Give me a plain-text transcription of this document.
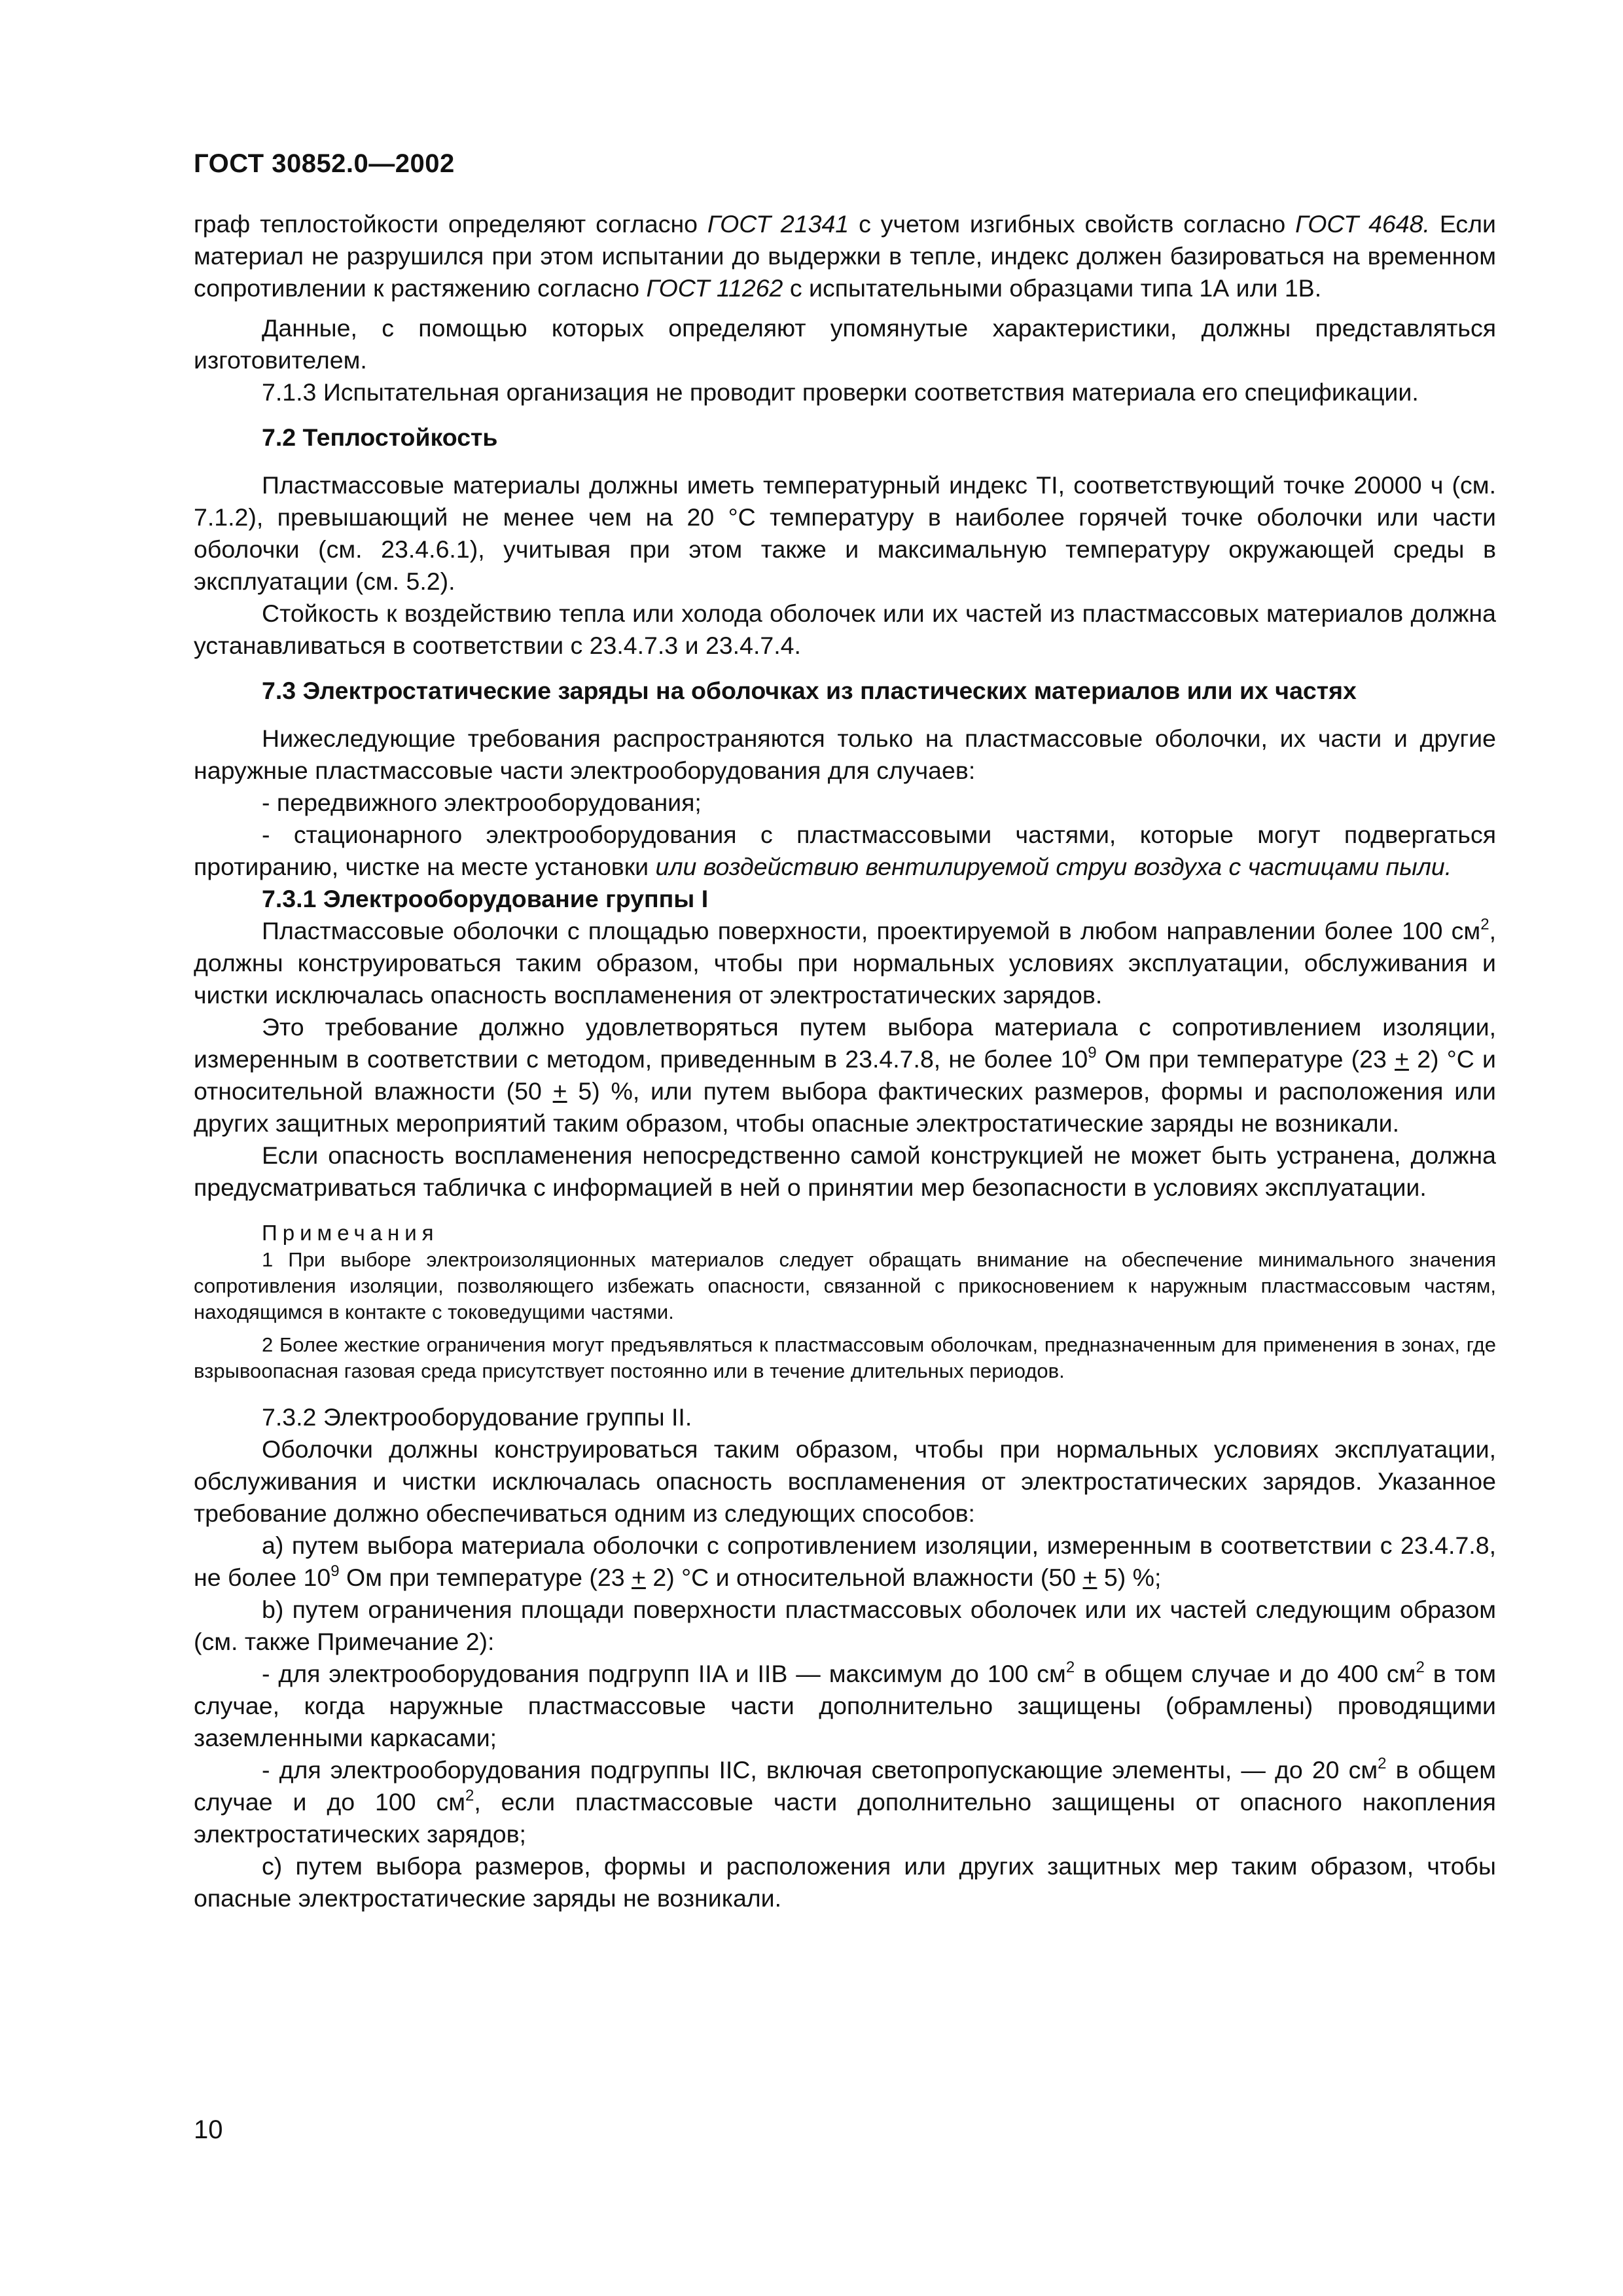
ГОСТ 30852.0—2002

граф теплостойкости определяют согласно ГОСТ 21341 с учетом изгибных свойств согласно ГОСТ 4648. Если материал не разрушился при этом испытании до выдержки в тепле, индекс должен базироваться на временном сопротивлении к растяжению согласно ГОСТ 11262 с испытательными образцами типа 1А или 1В.

Данные, с помощью которых определяют упомянутые характеристики, должны представляться изготовителем.

7.1.3 Испытательная организация не проводит проверки соответствия материала его спецификации.

7.2 Теплостойкость

Пластмассовые материалы должны иметь температурный индекс TI, соответствующий точке 20000 ч (см. 7.1.2), превышающий не менее чем на 20 °С температуру в наиболее горячей точке оболочки или части оболочки (см. 23.4.6.1), учитывая при этом также и максимальную температуру окружающей среды в эксплуатации (см. 5.2).

Стойкость к воздействию тепла или холода оболочек или их частей из пластмассовых материалов должна устанавливаться в соответствии с 23.4.7.3 и 23.4.7.4.

7.3 Электростатические заряды на оболочках из пластических материалов или их частях

Нижеследующие требования распространяются только на пластмассовые оболочки, их части и другие наружные пластмассовые части электрооборудования для случаев:

- передвижного электрооборудования;

- стационарного электрооборудования с пластмассовыми частями, которые могут подвергаться протиранию, чистке на месте установки или воздействию вентилируемой струи воздуха с частицами пыли.

7.3.1 Электрооборудование группы I

Пластмассовые оболочки с площадью поверхности, проектируемой в любом направлении более 100 $см^2$, должны конструироваться таким образом, чтобы при нормальных условиях эксплуатации, обслуживания и чистки исключалась опасность воспламенения от электростатических зарядов.

Это требование должно удовлетворяться путем выбора материала с сопротивлением изоляции, измеренным в соответствии с методом, приведенным в 23.4.7.8, не более $10^9$ Ом при температуре (23 + 2) °С и относительной влажности (50 + 5) %, или путем выбора фактических размеров, формы и расположения или других защитных мероприятий таким образом, чтобы опасные электростатические заряды не возникали.

Если опасность воспламенения непосредственно самой конструкцией не может быть устранена, должна предусматриваться табличка с информацией в ней о принятии мер безопасности в условиях эксплуатации.

Примечания

1 При выборе электроизоляционных материалов следует обращать внимание на обеспечение минимального значения сопротивления изоляции, позволяющего избежать опасности, связанной с прикосновением к наружным пластмассовым частям, находящимся в контакте с токоведущими частями.

2 Более жесткие ограничения могут предъявляться к пластмассовым оболочкам, предназначенным для применения в зонах, где взрывоопасная газовая среда присутствует постоянно или в течение длительных периодов.

7.3.2 Электрооборудование группы II.

Оболочки должны конструироваться таким образом, чтобы при нормальных условиях эксплуатации, обслуживания и чистки исключалась опасность воспламенения от электростатических зарядов. Указанное требование должно обеспечиваться одним из следующих способов:

а) путем выбора материала оболочки с сопротивлением изоляции, измеренным в соответствии с 23.4.7.8, не более $10^9$ Ом при температуре (23 + 2) °С и относительной влажности (50 + 5) %;

b) путем ограничения площади поверхности пластмассовых оболочек или их частей следующим образом (см. также Примечание 2):

- для электрооборудования подгрупп IIA и IIB — максимум до 100 $см^2$ в общем случае и до 400 $см^2$ в том случае, когда наружные пластмассовые части дополнительно защищены (обрамлены) проводящими заземленными каркасами;

- для электрооборудования подгруппы IIC, включая светопропускающие элементы, — до 20 $см^2$ в общем случае и до 100 $см^2$, если пластмассовые части дополнительно защищены от опасного накопления электростатических зарядов;

с) путем выбора размеров, формы и расположения или других защитных мер таким образом, чтобы опасные электростатические заряды не возникали.

10
